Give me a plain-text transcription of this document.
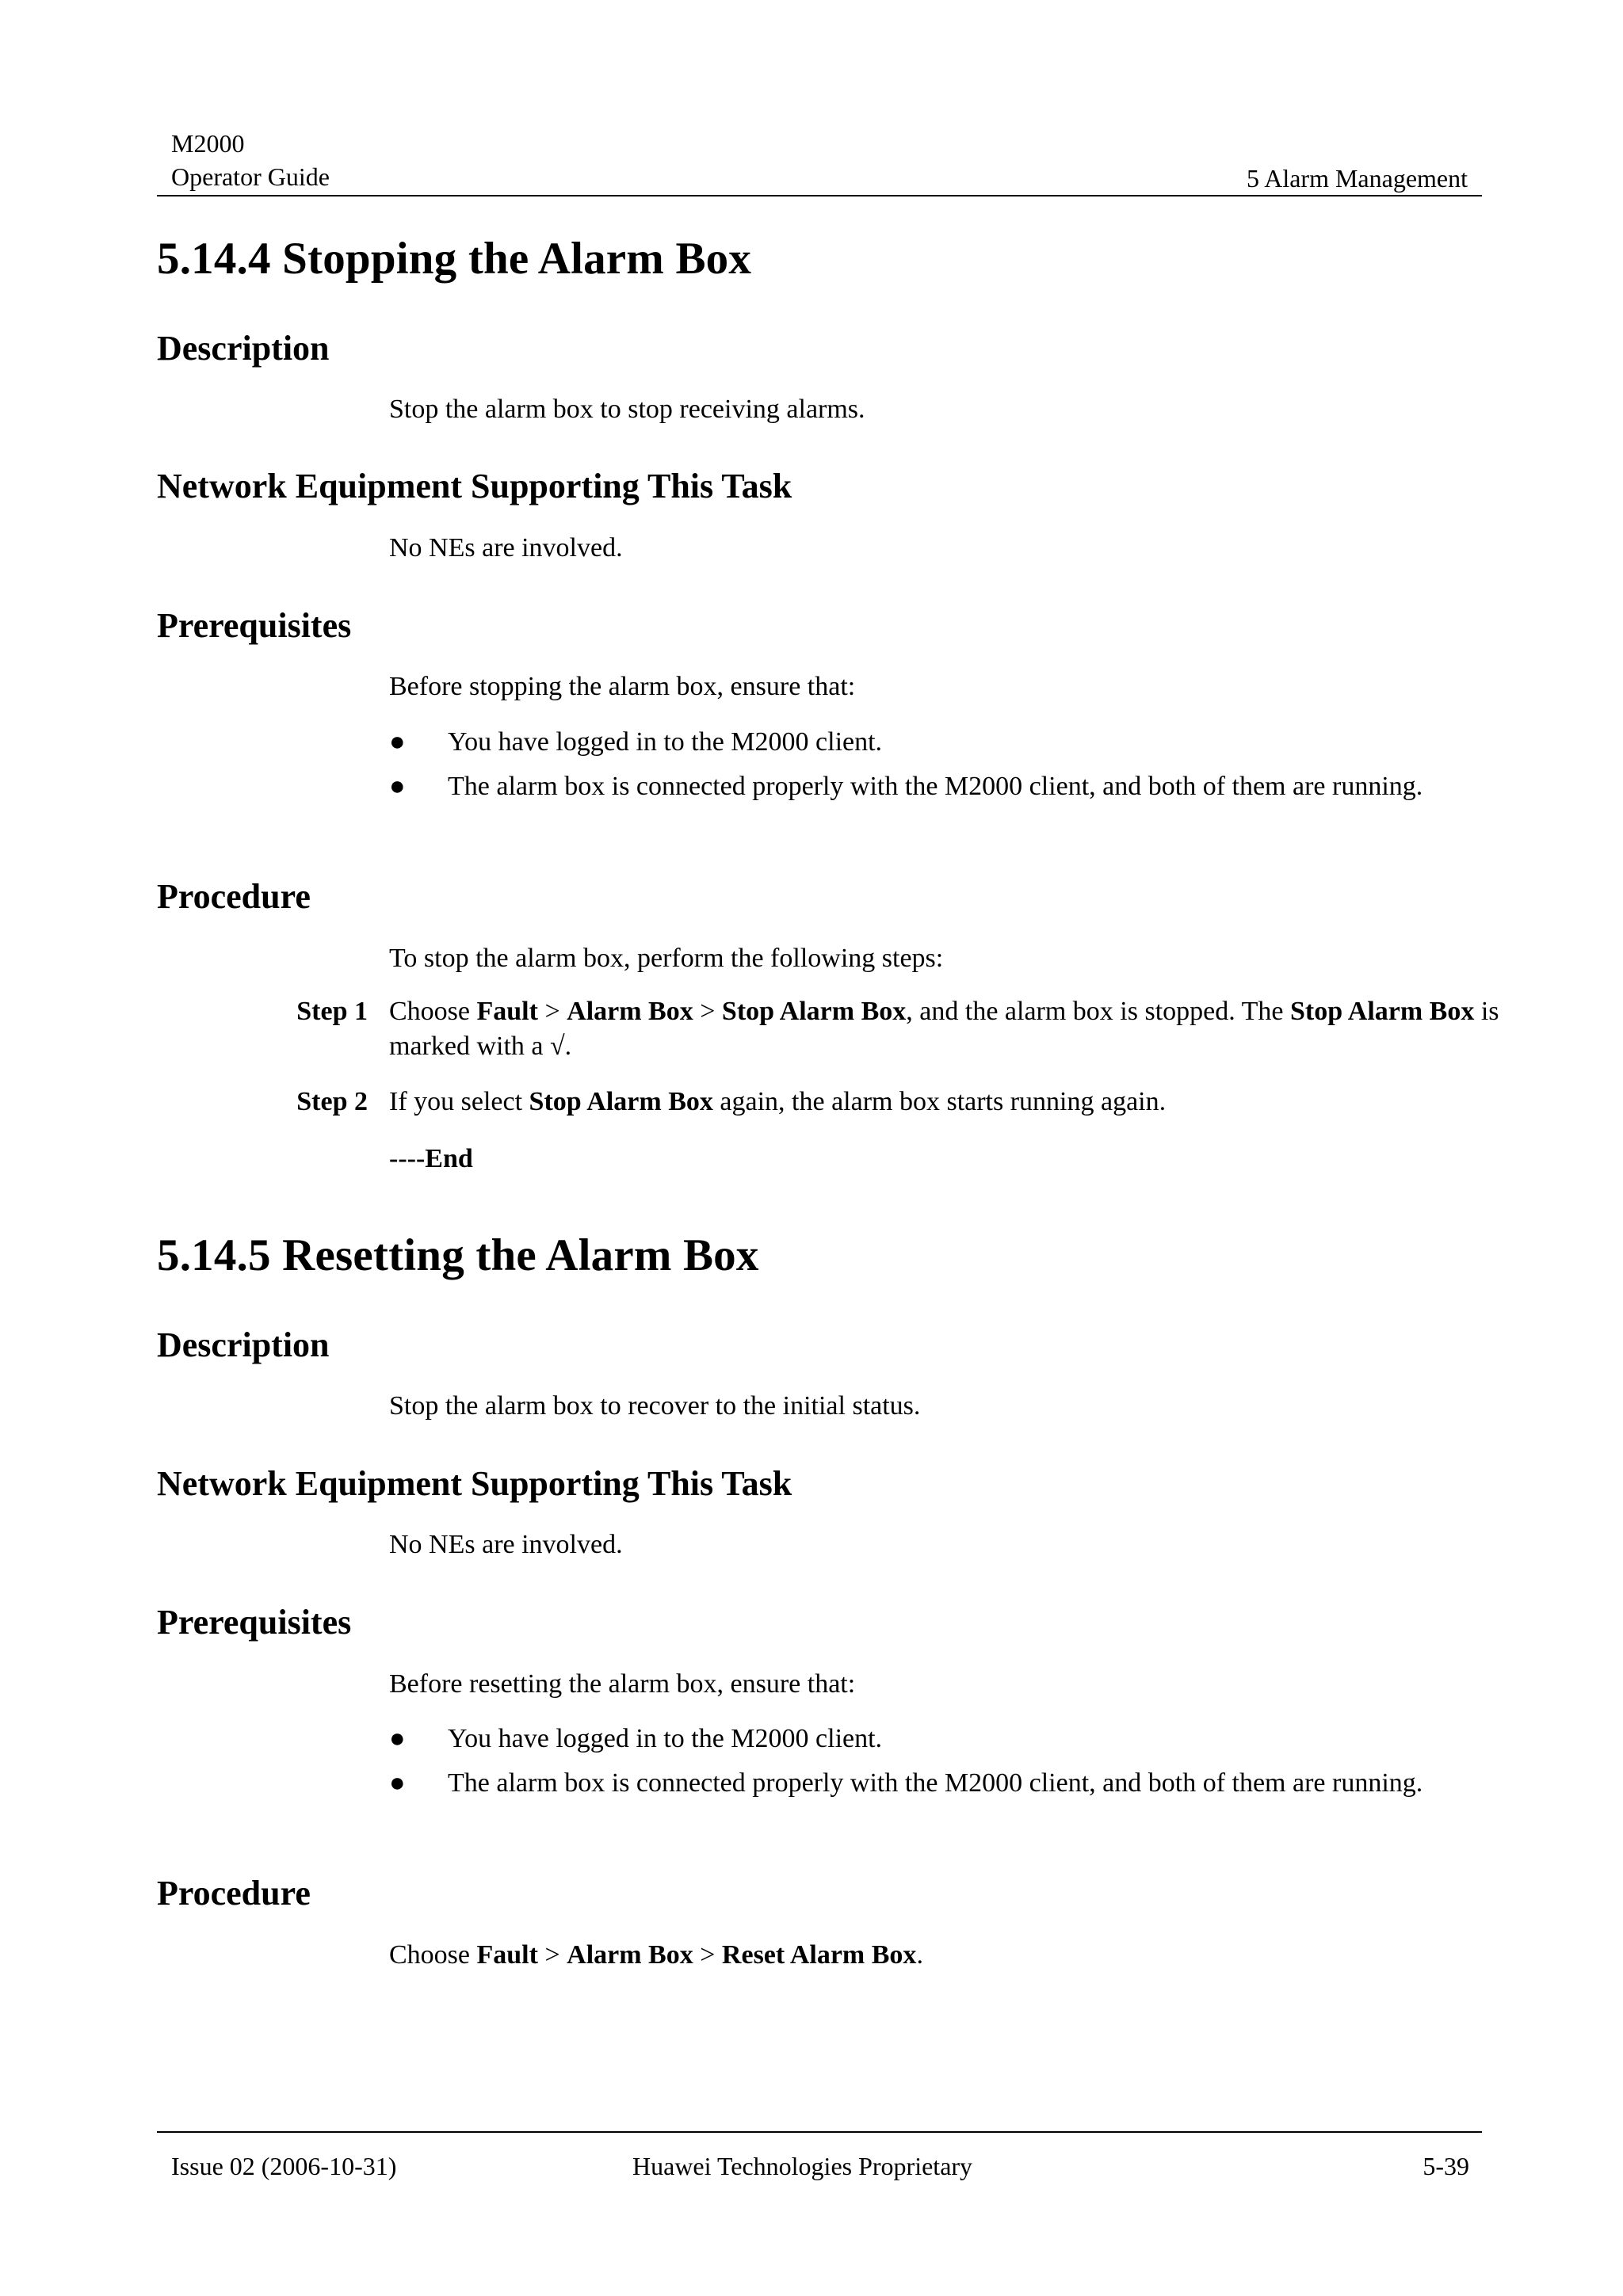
M2000
Operator Guide	5 Alarm Management
5.14.4 Stopping the Alarm Box
Description
Stop the alarm box to stop receiving alarms.
Network Equipment Supporting This Task
No NEs are involved.
Prerequisites
Before stopping the alarm box, ensure that:
● You have logged in to the M2000 client.
● The alarm box is connected properly with the M2000 client, and both of them are running.
Procedure
To stop the alarm box, perform the following steps:
Step 1 Choose Fault > Alarm Box > Stop Alarm Box, and the alarm box is stopped. The Stop Alarm Box is marked with a √.
Step 2 If you select Stop Alarm Box again, the alarm box starts running again.
----End
5.14.5 Resetting the Alarm Box
Description
Stop the alarm box to recover to the initial status.
Network Equipment Supporting This Task
No NEs are involved.
Prerequisites
Before resetting the alarm box, ensure that:
● You have logged in to the M2000 client.
● The alarm box is connected properly with the M2000 client, and both of them are running.
Procedure
Choose Fault > Alarm Box > Reset Alarm Box.
Issue 02 (2006-10-31)	Huawei Technologies Proprietary	5-39
